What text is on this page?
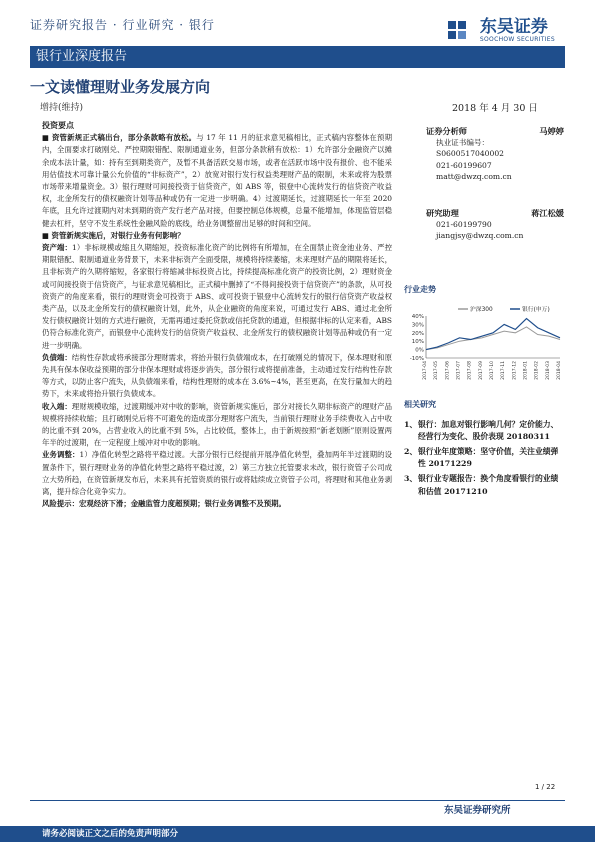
证券研究报告 · 行业研究 · 银行	东吴证券
SOOCHOW SECURITIES
银行业深度报告
一文读懂理财业务发展方向
增持(维持)	2018 年 4 月 30 日
投资要点

■ 资管新规正式稿出台，部分条款略有放松。与 17 年 11 月的征求意见稿相比，正式稿内容整体在预期内，全面要求打破刚兑、严控期限错配、限制通道业务，但部分条款稍有放松：1）允许部分金融资产以摊余成本法计量，如：持有至到期类资产，及暂不具备活跃交易市场，或者在活跃市场中没有报价、也不能采用估值技术可靠计量公允价值的“非标资产”，2）放宽对银行发行权益类理财产品的限制，未来或将为股票市场带来增量资金。3）银行理财可间接投资于信贷资产，如 ABS 等，银登中心流转发行的信贷资产收益权，北金所发行的债权融资计划等品种或仍有一定进一步明确。4）过渡期延长，过渡期延长一年至 2020 年底，且允许过渡期内对未到期的资产发行老产品对接，但要控制总体规模，总量不能增加，体现监管层稳健去杠杆，坚守不发生系统性金融风险的底线，给业务调整留出足够的时间和空间。

■ 资管新规实施后，对银行业务有何影响？

资产端：1）非标规模或缩且久期缩短，投资标准化资产的比例将有所增加，在全面禁止资金池业务、严控期限错配、限制通道业务背景下，未来非标资产全面受限，规模将持续萎缩，未来理财产品的期限将延长，且非标资产的久期将缩短，各家银行将缩减非标投资占比，持续提高标准化资产的投资比例，2）理财资金或可间接投资于信贷资产，与征求意见稿相比，正式稿中删掉了“不得间接投资于信贷资产”的条款，从可投资资产的角度来看，银行的理财资金可投资于 ABS、或可投资于银登中心流转发行的银行信贷资产收益权类产品，以及北金所发行的债权融资计划，此外，从企业融资的角度来说，可通过发行 ABS、通过北金所发行债权融资计划的方式进行融资，无需再通过委托贷款或信托贷款的通道，但根据非标的认定来看，ABS 仍符合标准化资产，而银登中心流转发行的信贷资产收益权、北金所发行的债权融资计划等品种或仍有一定进一步明确。

负债端：结构性存款或将承接部分理财需求，将抬升银行负债端成本，在打破刚兑的情况下，保本理财和原先具有保本保收益预期的部分非保本理财或将逐步消失，部分银行或将提前准备，主动通过发行结构性存款等方式，以防止客户流失，从负债端来看，结构性理财的成本在 3.6%~4%，甚至更高，在发行量加大的趋势下，未来或将抬升银行负债成本。

收入端：理财规模收缩，过渡期缓冲对中收的影响，资管新规实施后，部分对接长久期非标资产的理财产品规模将持续收缩；且打破刚兑后将不可避免的造成部分理财客户流失，当前银行理财业务手续费收入占中收的比重不到 20%，占营业收入的比重不到 5%，占比较低，整体上，由于新规按照“新老划断”原则设置两年半的过渡期，在一定程度上缓冲对中收的影响。

业务调整：1）净值化转型之路将平稳过渡。大部分银行已经提前开展净值化转型，叠加两年半过渡期的设置条件下，银行理财业务的净值化转型之路将平稳过渡，2）第三方独立托管要求未改，银行资管子公司成立大势所趋，在资管新规发布后，未来具有托管资质的银行或将陆续成立资管子公司，将理财和其他业务剥离，提升综合化竞争实力。

风险提示：宏观经济下滑；金融监管力度超预期；银行业务调整不及预期。

证券分析师	马婷婷
执业证书编号：
S0600517040002
021-60199607
matt@dwzq.com.cn
研究助理	蒋江松媛
021-60199790
jiangjsy@dwzq.com.cn
行业走势
40%
30%
20%
10%
0%
-10%
2017-04 2017-05 2017-06 2017-07 2017-08 2017-09 2017-10 2017-11 2017-12 2018-01 2018-02 2018-03 2018-04
沪深300	银行(申万)
相关研究
1、 银行：加息对银行影响几何？定价能力、经营行为变化、股价表现 20180311
2、 银行业年度策略：坚守价值，关注业绩弹性 20171229
3、 银行业专题报告：换个角度看银行的业绩和估值 20171210
1 / 22
东吴证券研究所
请务必阅读正文之后的免责声明部分
